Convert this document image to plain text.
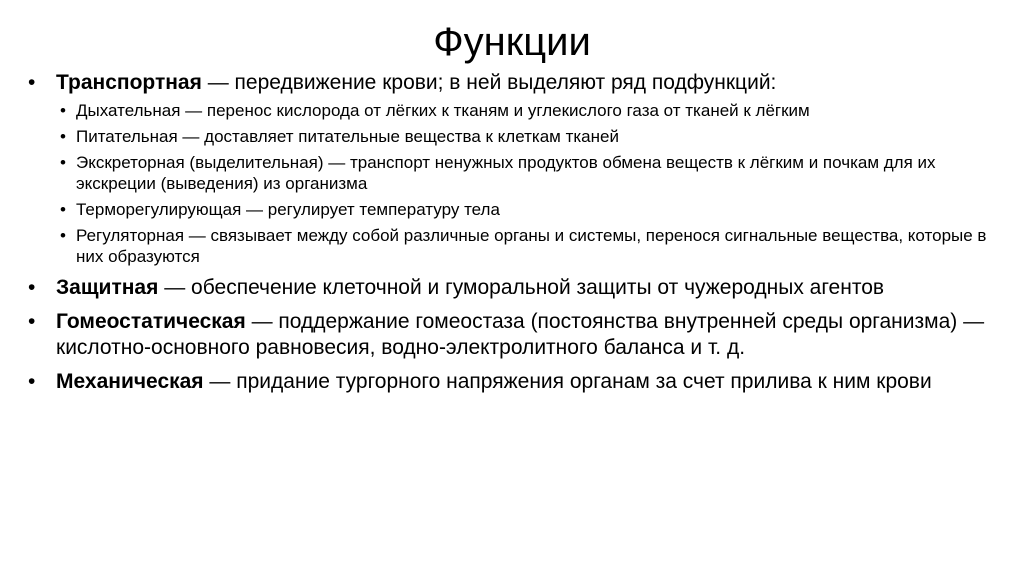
Функции
• Транспортная — передвижение крови; в ней выделяют ряд подфункций:
• Дыхательная — перенос кислорода от лёгких к тканям и углекислого газа от тканей к лёгким
• Питательная — доставляет питательные вещества к клеткам тканей
• Экскреторная (выделительная) — транспорт ненужных продуктов обмена веществ к лёгким и почкам для их экскреции (выведения) из организма
• Терморегулирующая — регулирует температуру тела
• Регуляторная — связывает между собой различные органы и системы, перенося сигнальные вещества, которые в них образуются
• Защитная — обеспечение клеточной и гуморальной защиты от чужеродных агентов
• Гомеостатическая — поддержание гомеостаза (постоянства внутренней среды организма) — кислотно-основного равновесия, водно-электролитного баланса и т. д.
• Механическая — придание тургорного напряжения органам за счет прилива к ним крови
